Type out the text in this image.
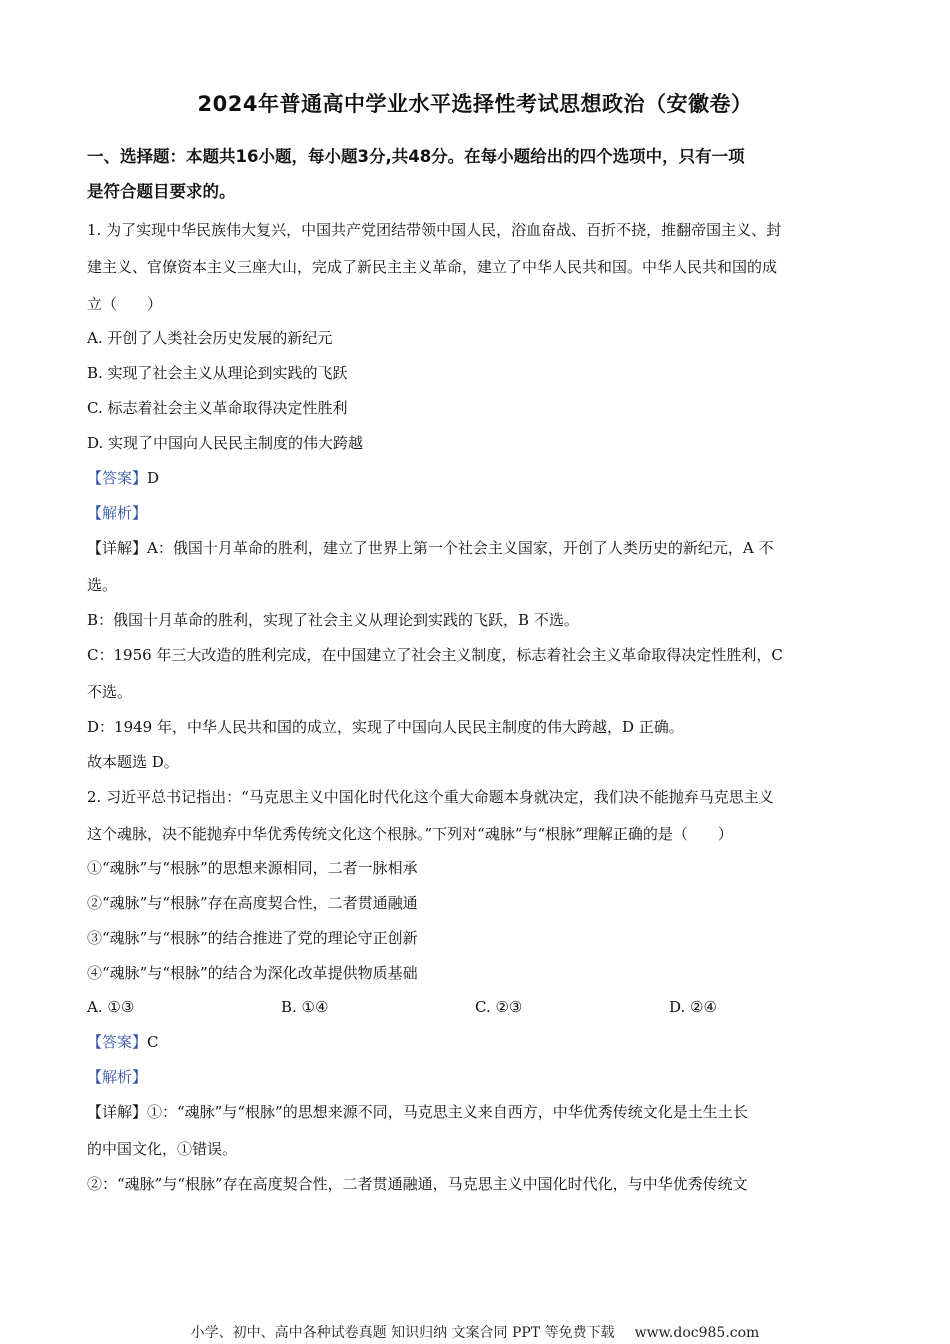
2024年普通高中学业水平选择性考试思想政治（安徽卷）
一、选择题：本题共16小题，每小题3分,共48分。在每小题给出的四个选项中，只有一项
是符合题目要求的。
1. 为了实现中华民族伟大复兴，中国共产党团结带领中国人民，浴血奋战、百折不挠，推翻帝国主义、封
建主义、官僚资本主义三座大山，完成了新民主主义革命，建立了中华人民共和国。中华人民共和国的成
立（　　）
A. 开创了人类社会历史发展的新纪元
B. 实现了社会主义从理论到实践的飞跃
C. 标志着社会主义革命取得决定性胜利
D. 实现了中国向人民民主制度的伟大跨越
【答案】D
【解析】
【详解】A：俄国十月革命的胜利，建立了世界上第一个社会主义国家，开创了人类历史的新纪元，A 不
选。
B：俄国十月革命的胜利，实现了社会主义从理论到实践的飞跃，B 不选。
C：1956 年三大改造的胜利完成，在中国建立了社会主义制度，标志着社会主义革命取得决定性胜利，C
不选。
D：1949 年，中华人民共和国的成立，实现了中国向人民民主制度的伟大跨越，D 正确。
故本题选 D。
2. 习近平总书记指出：“马克思主义中国化时代化这个重大命题本身就决定，我们决不能抛弃马克思主义
这个魂脉，决不能抛弃中华优秀传统文化这个根脉。”下列对“魂脉”与“根脉”理解正确的是（　　）
①“魂脉”与“根脉”的思想来源相同，二者一脉相承
②“魂脉”与“根脉”存在高度契合性，二者贯通融通
③“魂脉”与“根脉”的结合推进了党的理论守正创新
④“魂脉”与“根脉”的结合为深化改革提供物质基础
A. ①③	B. ①④	C. ②③	D. ②④
【答案】C
【解析】
【详解】①：“魂脉”与“根脉”的思想来源不同，马克思主义来自西方，中华优秀传统文化是土生土长
的中国文化，①错误。
②：“魂脉”与“根脉”存在高度契合性，二者贯通融通，马克思主义中国化时代化，与中华优秀传统文
小学、初中、高中各种试卷真题 知识归纳 文案合同 PPT 等免费下载 www.doc985.com
